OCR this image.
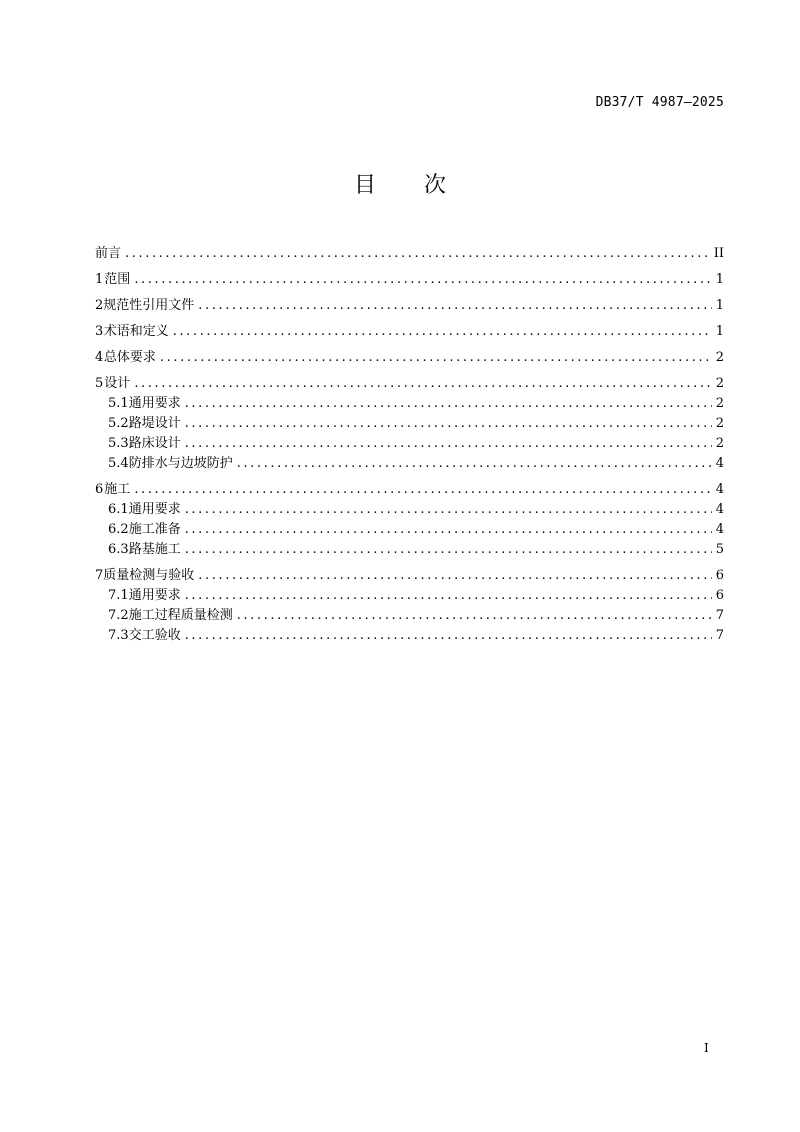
DB37/T 4987—2025
目 次
前言 .....	II
1 范围 .....	1
2 规范性引用文件 .....	1
3 术语和定义 .....	1
4 总体要求 .....	2
5 设计 .....	2
5.1 通用要求 .....	2
5.2 路堤设计 .....	2
5.3 路床设计 .....	2
5.4 防排水与边坡防护 .....	4
6 施工 .....	4
6.1 通用要求 .....	4
6.2 施工准备 .....	4
6.3 路基施工 .....	5
7 质量检测与验收 .....	6
7.1 通用要求 .....	6
7.2 施工过程质量检测 .....	7
7.3 交工验收 .....	7
I
